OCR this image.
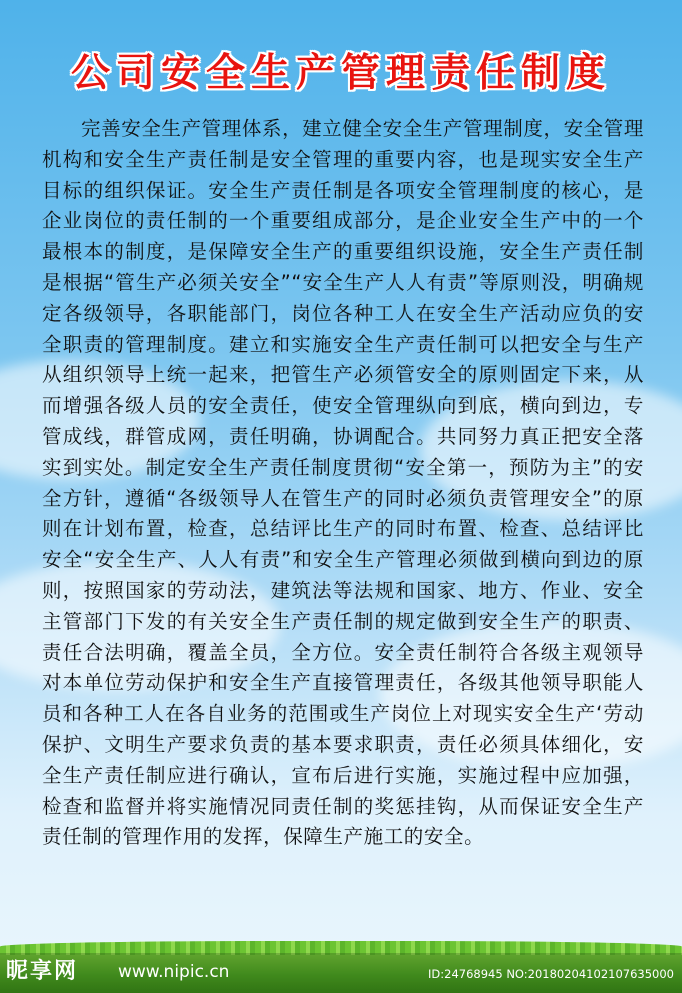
公司安全生产管理责任制度
完善安全生产管理体系，建立健全安全生产管理制度，安全管理机构和安全生产责任制是安全管理的重要内容，也是现实安全生产目标的组织保证。安全生产责任制是各项安全管理制度的核心，是企业岗位的责任制的一个重要组成部分，是企业安全生产中的一个最根本的制度，是保障安全生产的重要组织设施，安全生产责任制是根据“管生产必须关安全”“安全生产人人有责”等原则没，明确规定各级领导，各职能部门，岗位各种工人在安全生产活动应负的安全职责的管理制度。建立和实施安全生产责任制可以把安全与生产从组织领导上统一起来，把管生产必须管安全的原则固定下来，从而增强各级人员的安全责任，使安全管理纵向到底，横向到边，专管成线，群管成网，责任明确，协调配合。共同努力真正把安全落实到实处。制定安全生产责任制度贯彻“安全第一，预防为主”的安全方针，遵循“各级领导人在管生产的同时必须负责管理安全”的原则在计划布置，检查，总结评比生产的同时布置、检查、总结评比安全“安全生产、人人有责”和安全生产管理必须做到横向到边的原则，按照国家的劳动法，建筑法等法规和国家、地方、作业、安全主管部门下发的有关安全生产责任制的规定做到安全生产的职责、责任合法明确，覆盖全员，全方位。安全责任制符合各级主观领导对本单位劳动保护和安全生产直接管理责任，各级其他领导职能人员和各种工人在各自业务的范围或生产岗位上对现实安全生产‘劳动保护、文明生产要求负责的基本要求职责，责任必须具体细化，安全生产责任制应进行确认，宣布后进行实施，实施过程中应加强，检查和监督并将实施情况同责任制的奖惩挂钩，从而保证安全生产责任制的管理作用的发挥，保障生产施工的安全。
昵享网 www.nipic.cn	ID:24768945 NO:20180204102107635000
